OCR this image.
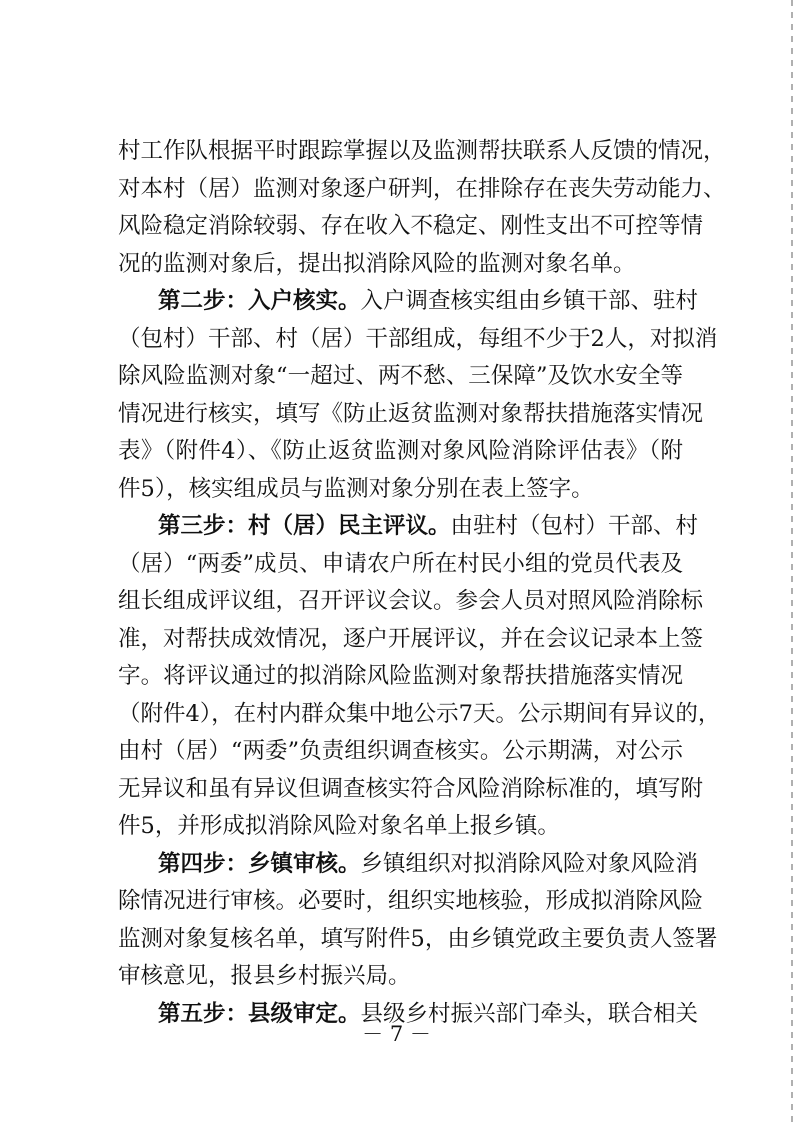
村工作队根据平时跟踪掌握以及监测帮扶联系人反馈的情况，
对本村（居）监测对象逐户研判，在排除存在丧失劳动能力、
风险稳定消除较弱、存在收入不稳定、刚性支出不可控等情
况的监测对象后，提出拟消除风险的监测对象名单。
第二步：入户核实。入户调查核实组由乡镇干部、驻村
（包村）干部、村（居）干部组成，每组不少于2人，对拟消
除风险监测对象“一超过、两不愁、三保障”及饮水安全等
情况进行核实，填写《防止返贫监测对象帮扶措施落实情况
表》（附件4）、《防止返贫监测对象风险消除评估表》（附
件5），核实组成员与监测对象分别在表上签字。
第三步：村（居）民主评议。由驻村（包村）干部、村
（居）“两委”成员、申请农户所在村民小组的党员代表及
组长组成评议组，召开评议会议。参会人员对照风险消除标
准，对帮扶成效情况，逐户开展评议，并在会议记录本上签
字。将评议通过的拟消除风险监测对象帮扶措施落实情况
（附件4），在村内群众集中地公示7天。公示期间有异议的，
由村（居）“两委”负责组织调查核实。公示期满，对公示
无异议和虽有异议但调查核实符合风险消除标准的，填写附
件5，并形成拟消除风险对象名单上报乡镇。
第四步：乡镇审核。乡镇组织对拟消除风险对象风险消
除情况进行审核。必要时，组织实地核验，形成拟消除风险
监测对象复核名单，填写附件5，由乡镇党政主要负责人签署
审核意见，报县乡村振兴局。
第五步：县级审定。县级乡村振兴部门牵头，联合相关
－ 7 －
